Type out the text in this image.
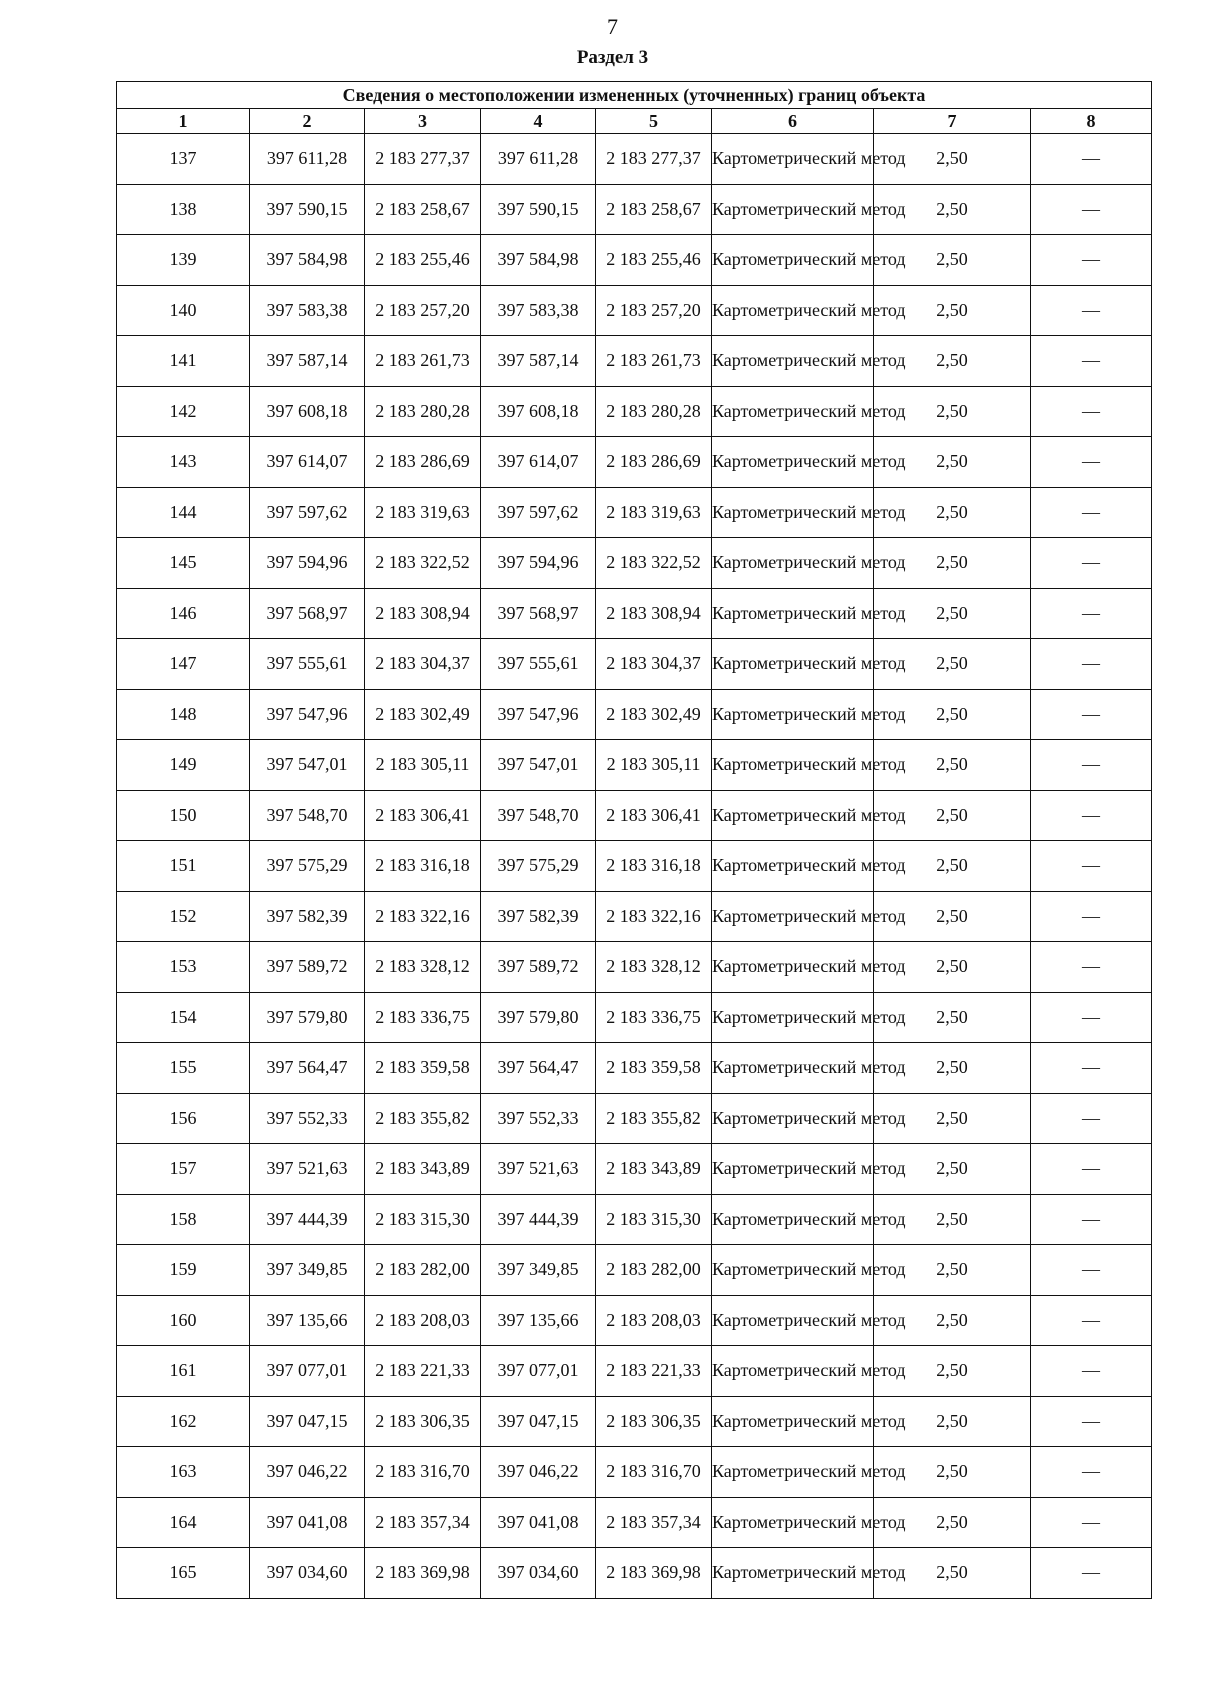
7
Раздел 3
Сведения о местоположении измененных (уточненных) границ объекта							
1	2	3	4	5	6	7	8
137	397 611,28	2 183 277,37	397 611,28	2 183 277,37	Картометрический метод	2,50	—
138	397 590,15	2 183 258,67	397 590,15	2 183 258,67	Картометрический метод	2,50	—
139	397 584,98	2 183 255,46	397 584,98	2 183 255,46	Картометрический метод	2,50	—
140	397 583,38	2 183 257,20	397 583,38	2 183 257,20	Картометрический метод	2,50	—
141	397 587,14	2 183 261,73	397 587,14	2 183 261,73	Картометрический метод	2,50	—
142	397 608,18	2 183 280,28	397 608,18	2 183 280,28	Картометрический метод	2,50	—
143	397 614,07	2 183 286,69	397 614,07	2 183 286,69	Картометрический метод	2,50	—
144	397 597,62	2 183 319,63	397 597,62	2 183 319,63	Картометрический метод	2,50	—
145	397 594,96	2 183 322,52	397 594,96	2 183 322,52	Картометрический метод	2,50	—
146	397 568,97	2 183 308,94	397 568,97	2 183 308,94	Картометрический метод	2,50	—
147	397 555,61	2 183 304,37	397 555,61	2 183 304,37	Картометрический метод	2,50	—
148	397 547,96	2 183 302,49	397 547,96	2 183 302,49	Картометрический метод	2,50	—
149	397 547,01	2 183 305,11	397 547,01	2 183 305,11	Картометрический метод	2,50	—
150	397 548,70	2 183 306,41	397 548,70	2 183 306,41	Картометрический метод	2,50	—
151	397 575,29	2 183 316,18	397 575,29	2 183 316,18	Картометрический метод	2,50	—
152	397 582,39	2 183 322,16	397 582,39	2 183 322,16	Картометрический метод	2,50	—
153	397 589,72	2 183 328,12	397 589,72	2 183 328,12	Картометрический метод	2,50	—
154	397 579,80	2 183 336,75	397 579,80	2 183 336,75	Картометрический метод	2,50	—
155	397 564,47	2 183 359,58	397 564,47	2 183 359,58	Картометрический метод	2,50	—
156	397 552,33	2 183 355,82	397 552,33	2 183 355,82	Картометрический метод	2,50	—
157	397 521,63	2 183 343,89	397 521,63	2 183 343,89	Картометрический метод	2,50	—
158	397 444,39	2 183 315,30	397 444,39	2 183 315,30	Картометрический метод	2,50	—
159	397 349,85	2 183 282,00	397 349,85	2 183 282,00	Картометрический метод	2,50	—
160	397 135,66	2 183 208,03	397 135,66	2 183 208,03	Картометрический метод	2,50	—
161	397 077,01	2 183 221,33	397 077,01	2 183 221,33	Картометрический метод	2,50	—
162	397 047,15	2 183 306,35	397 047,15	2 183 306,35	Картометрический метод	2,50	—
163	397 046,22	2 183 316,70	397 046,22	2 183 316,70	Картометрический метод	2,50	—
164	397 041,08	2 183 357,34	397 041,08	2 183 357,34	Картометрический метод	2,50	—
165	397 034,60	2 183 369,98	397 034,60	2 183 369,98	Картометрический метод	2,50	—
